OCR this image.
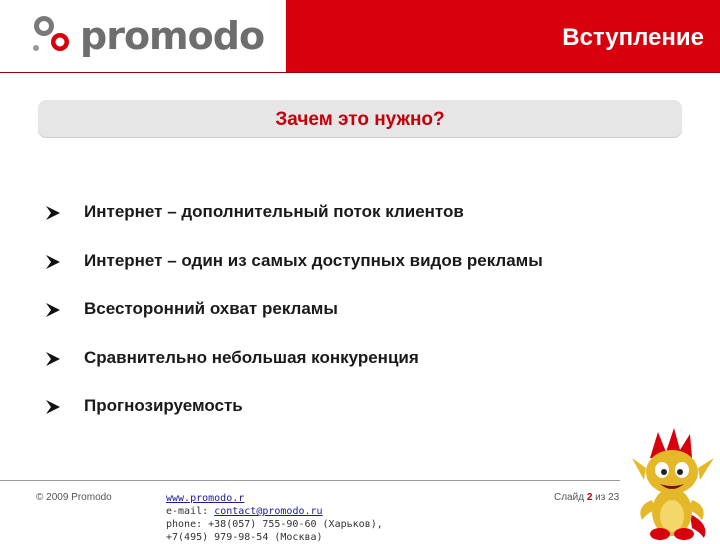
promodo	Вступление
Зачем это нужно?
Интернет – дополнительный поток клиентов
Интернет – один из самых доступных видов рекламы
Всесторонний охват рекламы
Сравнительно небольшая конкуренция
Прогнозируемость
© 2009 Promodo	www.promodo.r
e-mail: contact@promodo.ru
phone: +38(057) 755-90-60 (Харьков),
+7(495) 979-98-54 (Москва)
Слайд 2 из 23
